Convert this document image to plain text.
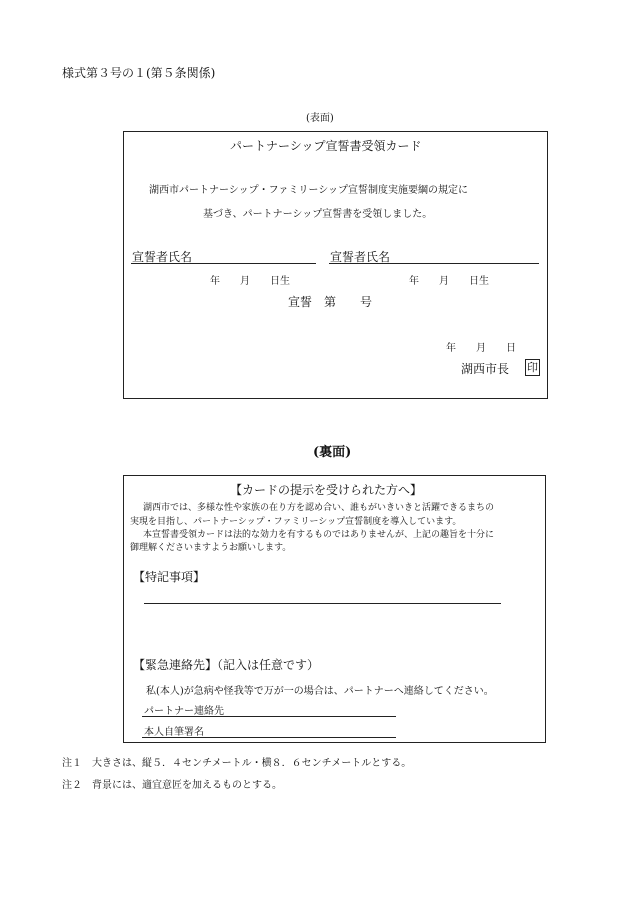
様式第３号の１(第５条関係)
(表面)
パートナーシップ宣誓書受領カード
湖西市パートナーシップ・ファミリーシップ宣誓制度実施要綱の規定に
基づき、パートナーシップ宣誓書を受領しました。
宣誓者氏名	宣誓者氏名
年　　月　　日生	年　　月　　日生
宣誓　第　　号
年　　月　　日
湖西市長 印
(裏面)
【カードの提示を受けられた方へ】
湖西市では、多様な性や家族の在り方を認め合い、誰もがいきいきと活躍できるまちの
実現を目指し、パートナーシップ・ファミリーシップ宣誓制度を導入しています。
本宣誓書受領カードは法的な効力を有するものではありませんが、上記の趣旨を十分に
御理解くださいますようお願いします。
【特記事項】
【緊急連絡先】（記入は任意です）
私(本人)が急病や怪我等で万が一の場合は、パートナーへ連絡してください。
パートナー連絡先
本人自筆署名
注１　大きさは、縦５．４センチメートル・横８．６センチメートルとする。
注２　背景には、適宜意匠を加えるものとする。
